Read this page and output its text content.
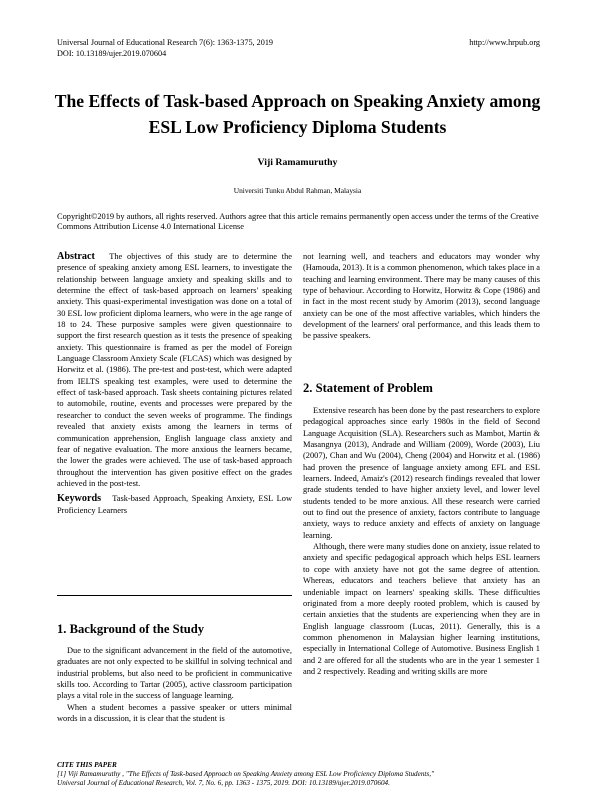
Universal Journal of Educational Research 7(6): 1363-1375, 2019
DOI: 10.13189/ujer.2019.070604
http://www.hrpub.org
The Effects of Task-based Approach on Speaking Anxiety among ESL Low Proficiency Diploma Students
Viji Ramamuruthy
Universiti Tunku Abdul Rahman, Malaysia
Copyright©2019 by authors, all rights reserved. Authors agree that this article remains permanently open access under the terms of the Creative Commons Attribution License 4.0 International License

Abstract The objectives of this study are to determine the presence of speaking anxiety among ESL learners, to investigate the relationship between language anxiety and speaking skills and to determine the effect of task-based approach on learners' speaking anxiety. This quasi-experimental investigation was done on a total of 30 ESL low proficient diploma learners, who were in the age range of 18 to 24. These purposive samples were given questionnaire to support the first research question as it tests the presence of speaking anxiety. This questionnaire is framed as per the model of Foreign Language Classroom Anxiety Scale (FLCAS) which was designed by Horwitz et al. (1986). The pre-test and post-test, which were adapted from IELTS speaking test examples, were used to determine the effect of task-based approach. Task sheets containing pictures related to automobile, routine, events and processes were prepared by the researcher to conduct the seven weeks of programme. The findings revealed that anxiety exists among the learners in terms of communication apprehension, English language class anxiety and fear of negative evaluation. The more anxious the learners became, the lower the grades were achieved. The use of task-based approach throughout the intervention has given positive effect on the grades achieved in the post-test.

Keywords Task-based Approach, Speaking Anxiety, ESL Low Proficiency Learners

1. Background of the Study

Due to the significant advancement in the field of the automotive, graduates are not only expected to be skillful in solving technical and industrial problems, but also need to be proficient in communicative skills too. According to Tartar (2005), active classroom participation plays a vital role in the success of language learning.

When a student becomes a passive speaker or utters minimal words in a discussion, it is clear that the student is

not learning well, and teachers and educators may wonder why (Hamouda, 2013). It is a common phenomenon, which takes place in a teaching and learning environment. There may be many causes of this type of behaviour. According to Horwitz, Horwitz & Cope (1986) and in fact in the most recent study by Amorim (2013), second language anxiety can be one of the most affective variables, which hinders the development of the learners' oral performance, and this leads them to be passive speakers.

2. Statement of Problem

Extensive research has been done by the past researchers to explore pedagogical approaches since early 1980s in the field of Second Language Acquisition (SLA). Researchers such as Mambot, Martin & Masangnya (2013), Andrade and William (2009), Worde (2003), Liu (2007), Chan and Wu (2004), Cheng (2004) and Horwitz et al. (1986) had proven the presence of language anxiety among EFL and ESL learners. Indeed, Amaiz's (2012) research findings revealed that lower grade students tended to have higher anxiety level, and lower level students tended to be more anxious. All these research were carried out to find out the presence of anxiety, factors contribute to language anxiety, ways to reduce anxiety and effects of anxiety on language learning.

Although, there were many studies done on anxiety, issue related to anxiety and specific pedagogical approach which helps ESL learners to cope with anxiety have not got the same degree of attention. Whereas, educators and teachers believe that anxiety has an undeniable impact on learners' speaking skills. These difficulties originated from a more deeply rooted problem, which is caused by certain anxieties that the students are experiencing when they are in English language classroom (Lucas, 2011). Generally, this is a common phenomenon in Malaysian higher learning institutions, especially in International College of Automotive. Business English 1 and 2 are offered for all the students who are in the year 1 semester 1 and 2 respectively. Reading and writing skills are more

CITE THIS PAPER
[1] Viji Ramamuruthy , "The Effects of Task-based Approach on Speaking Anxiety among ESL Low Proficiency Diploma Students,"
Universal Journal of Educational Research, Vol. 7, No. 6, pp. 1363 - 1375, 2019. DOI: 10.13189/ujer.2019.070604.
